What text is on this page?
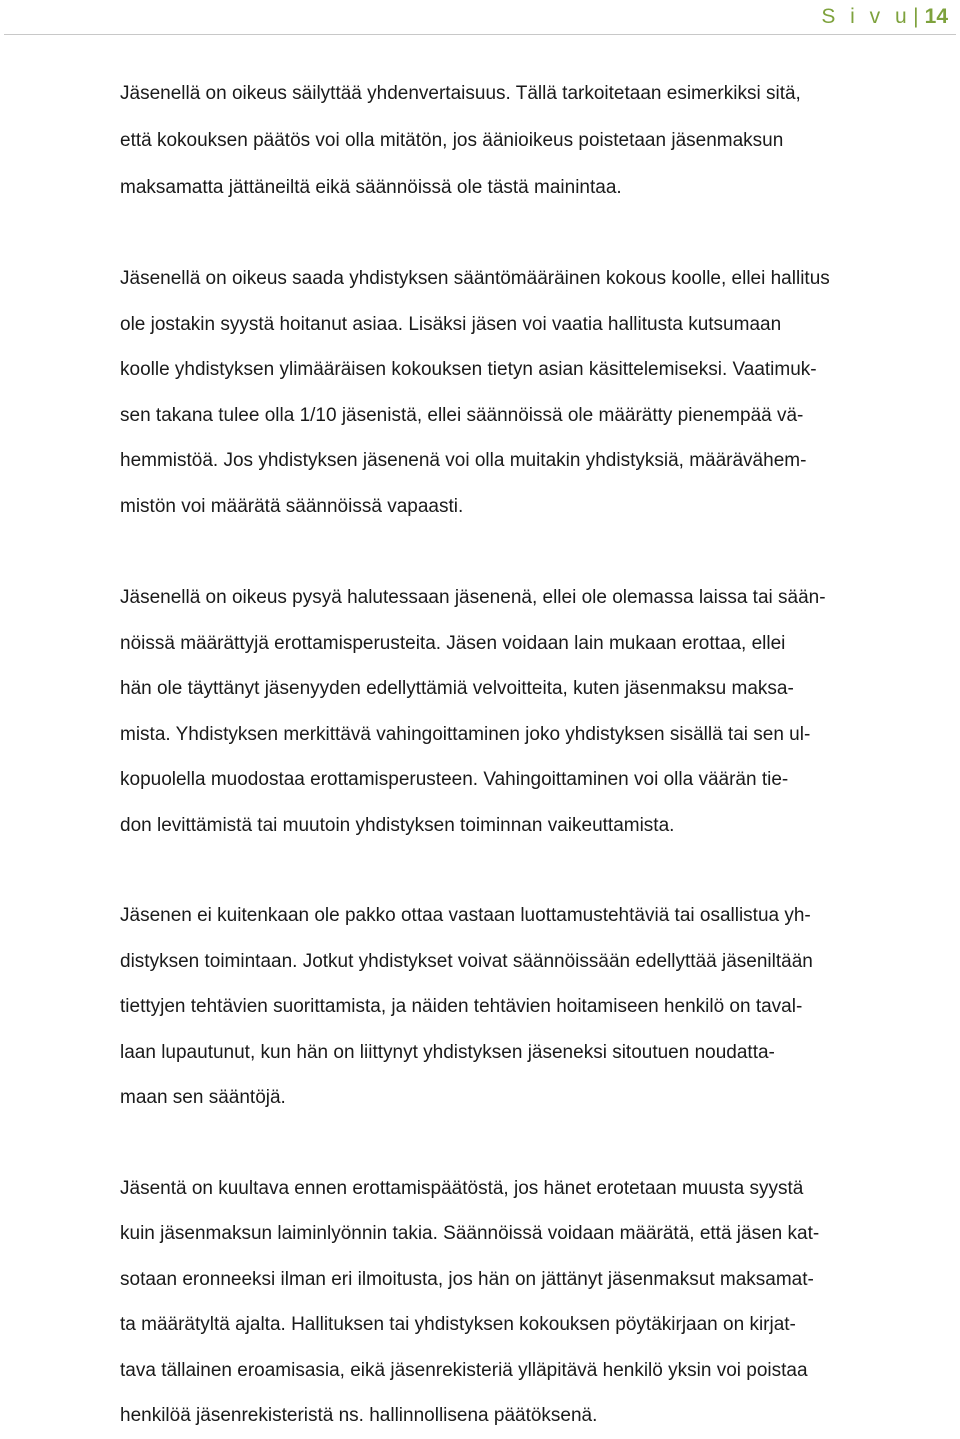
S i v u| 14

Jäsenellä on oikeus säilyttää yhdenvertaisuus. Tällä tarkoitetaan esimerkiksi sitä,
että kokouksen päätös voi olla mitätön, jos äänioikeus poistetaan jäsenmaksun
maksamatta jättäneiltä eikä säännöissä ole tästä mainintaa.

Jäsenellä on oikeus saada yhdistyksen sääntömääräinen kokous koolle, ellei hallitus
ole jostakin syystä hoitanut asiaa. Lisäksi jäsen voi vaatia hallitusta kutsumaan
koolle yhdistyksen ylimääräisen kokouksen tietyn asian käsittelemiseksi. Vaatimuk-
sen takana tulee olla 1/10 jäsenistä, ellei säännöissä ole määrätty pienempää vä-
hemmistöä. Jos yhdistyksen jäsenenä voi olla muitakin yhdistyksiä, määrävähem-
mistön voi määrätä säännöissä vapaasti.

Jäsenellä on oikeus pysyä halutessaan jäsenenä, ellei ole olemassa laissa tai sään-
nöissä määrättyjä erottamisperusteita. Jäsen voidaan lain mukaan erottaa, ellei
hän ole täyttänyt jäsenyyden edellyttämiä velvoitteita, kuten jäsenmaksu maksa-
mista. Yhdistyksen merkittävä vahingoittaminen joko yhdistyksen sisällä tai sen ul-
kopuolella muodostaa erottamisperusteen. Vahingoittaminen voi olla väärän tie-
don levittämistä tai muutoin yhdistyksen toiminnan vaikeuttamista.

Jäsenen ei kuitenkaan ole pakko ottaa vastaan luottamustehtäviä tai osallistua yh-
distyksen toimintaan. Jotkut yhdistykset voivat säännöissään edellyttää jäseniltään
tiettyjen tehtävien suorittamista, ja näiden tehtävien hoitamiseen henkilö on taval-
laan lupautunut, kun hän on liittynyt yhdistyksen jäseneksi sitoutuen noudatta-
maan sen sääntöjä.

Jäsentä on kuultava ennen erottamispäätöstä, jos hänet erotetaan muusta syystä
kuin jäsenmaksun laiminlyönnin takia. Säännöissä voidaan määrätä, että jäsen kat-
sotaan eronneeksi ilman eri ilmoitusta, jos hän on jättänyt jäsenmaksut maksamat-
ta määrätyltä ajalta. Hallituksen tai yhdistyksen kokouksen pöytäkirjaan on kirjat-
tava tällainen eroamisasia, eikä jäsenrekisteriä ylläpitävä henkilö yksin voi poistaa
henkilöä jäsenrekisteristä ns. hallinnollisena päätöksenä.
